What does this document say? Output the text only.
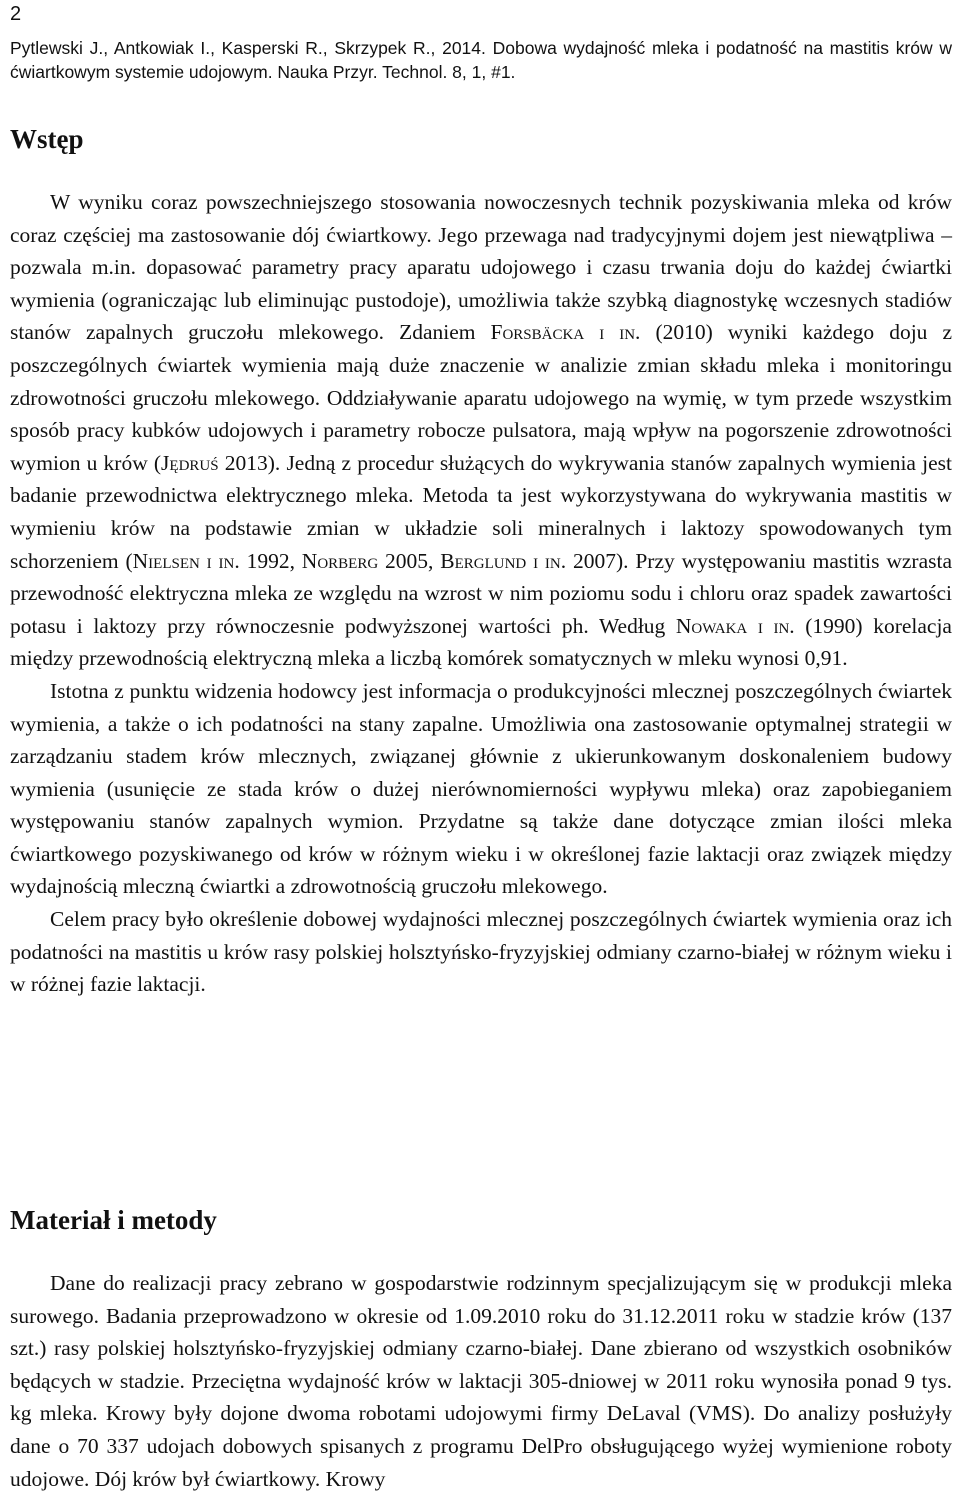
2
Pytlewski J., Antkowiak I., Kasperski R., Skrzypek R., 2014. Dobowa wydajność mleka i podatność na mastitis krów w ćwiartkowym systemie udojowym. Nauka Przyr. Technol. 8, 1, #1.
Wstęp

W wyniku coraz powszechniejszego stosowania nowoczesnych technik pozyskiwania mleka od krów coraz częściej ma zastosowanie dój ćwiartkowy. Jego przewaga nad tradycyjnymi dojem jest niewątpliwa – pozwala m.in. dopasować parametry pracy aparatu udojowego i czasu trwania doju do każdej ćwiartki wymienia (ograniczając lub eliminując pustodoje), umożliwia także szybką diagnostykę wczesnych stadiów stanów zapalnych gruczołu mlekowego. Zdaniem Forsbäcka i in. (2010) wyniki każdego doju z poszczególnych ćwiartek wymienia mają duże znaczenie w analizie zmian składu mleka i monitoringu zdrowotności gruczołu mlekowego. Oddziaływanie aparatu udojowego na wymię, w tym przede wszystkim sposób pracy kubków udojowych i parametry robocze pulsatora, mają wpływ na pogorszenie zdrowotności wymion u krów (Jędruś 2013). Jedną z procedur służących do wykrywania stanów zapalnych wymienia jest badanie przewodnictwa elektrycznego mleka. Metoda ta jest wykorzystywana do wykrywania mastitis w wymieniu krów na podstawie zmian w układzie soli mineralnych i laktozy spowodowanych tym schorzeniem (Nielsen i in. 1992, Norberg 2005, Berglund i in. 2007). Przy występowaniu mastitis wzrasta przewodność elektryczna mleka ze względu na wzrost w nim poziomu sodu i chloru oraz spadek zawartości potasu i laktozy przy równoczesnie podwyższonej wartości ph. Według Nowaka i in. (1990) korelacja między przewodnością elektryczną mleka a liczbą komórek somatycznych w mleku wynosi 0,91.

Istotna z punktu widzenia hodowcy jest informacja o produkcyjności mlecznej poszczególnych ćwiartek wymienia, a także o ich podatności na stany zapalne. Umożliwia ona zastosowanie optymalnej strategii w zarządzaniu stadem krów mlecznych, związanej głównie z ukierunkowanym doskonaleniem budowy wymienia (usunięcie ze stada krów o dużej nierównomierności wypływu mleka) oraz zapobieganiem występowaniu stanów zapalnych wymion. Przydatne są także dane dotyczące zmian ilości mleka ćwiartkowego pozyskiwanego od krów w różnym wieku i w określonej fazie laktacji oraz związek między wydajnością mleczną ćwiartki a zdrowotnością gruczołu mlekowego.

Celem pracy było określenie dobowej wydajności mlecznej poszczególnych ćwiartek wymienia oraz ich podatności na mastitis u krów rasy polskiej holsztyńsko-fryzyjskiej odmiany czarno-białej w różnym wieku i w różnej fazie laktacji.

Materiał i metody

Dane do realizacji pracy zebrano w gospodarstwie rodzinnym specjalizującym się w produkcji mleka surowego. Badania przeprowadzono w okresie od 1.09.2010 roku do 31.12.2011 roku w stadzie krów (137 szt.) rasy polskiej holsztyńsko-fryzyjskiej odmiany czarno-białej. Dane zbierano od wszystkich osobników będących w stadzie. Przeciętna wydajność krów w laktacji 305-dniowej w 2011 roku wynosiła ponad 9 tys. kg mleka. Krowy były dojone dwoma robotami udojowymi firmy DeLaval (VMS). Do analizy posłużyły dane o 70 337 udojach dobowych spisanych z programu DelPro obsługującego wyżej wymienione roboty udojowe. Dój krów był ćwiartkowy. Krowy
